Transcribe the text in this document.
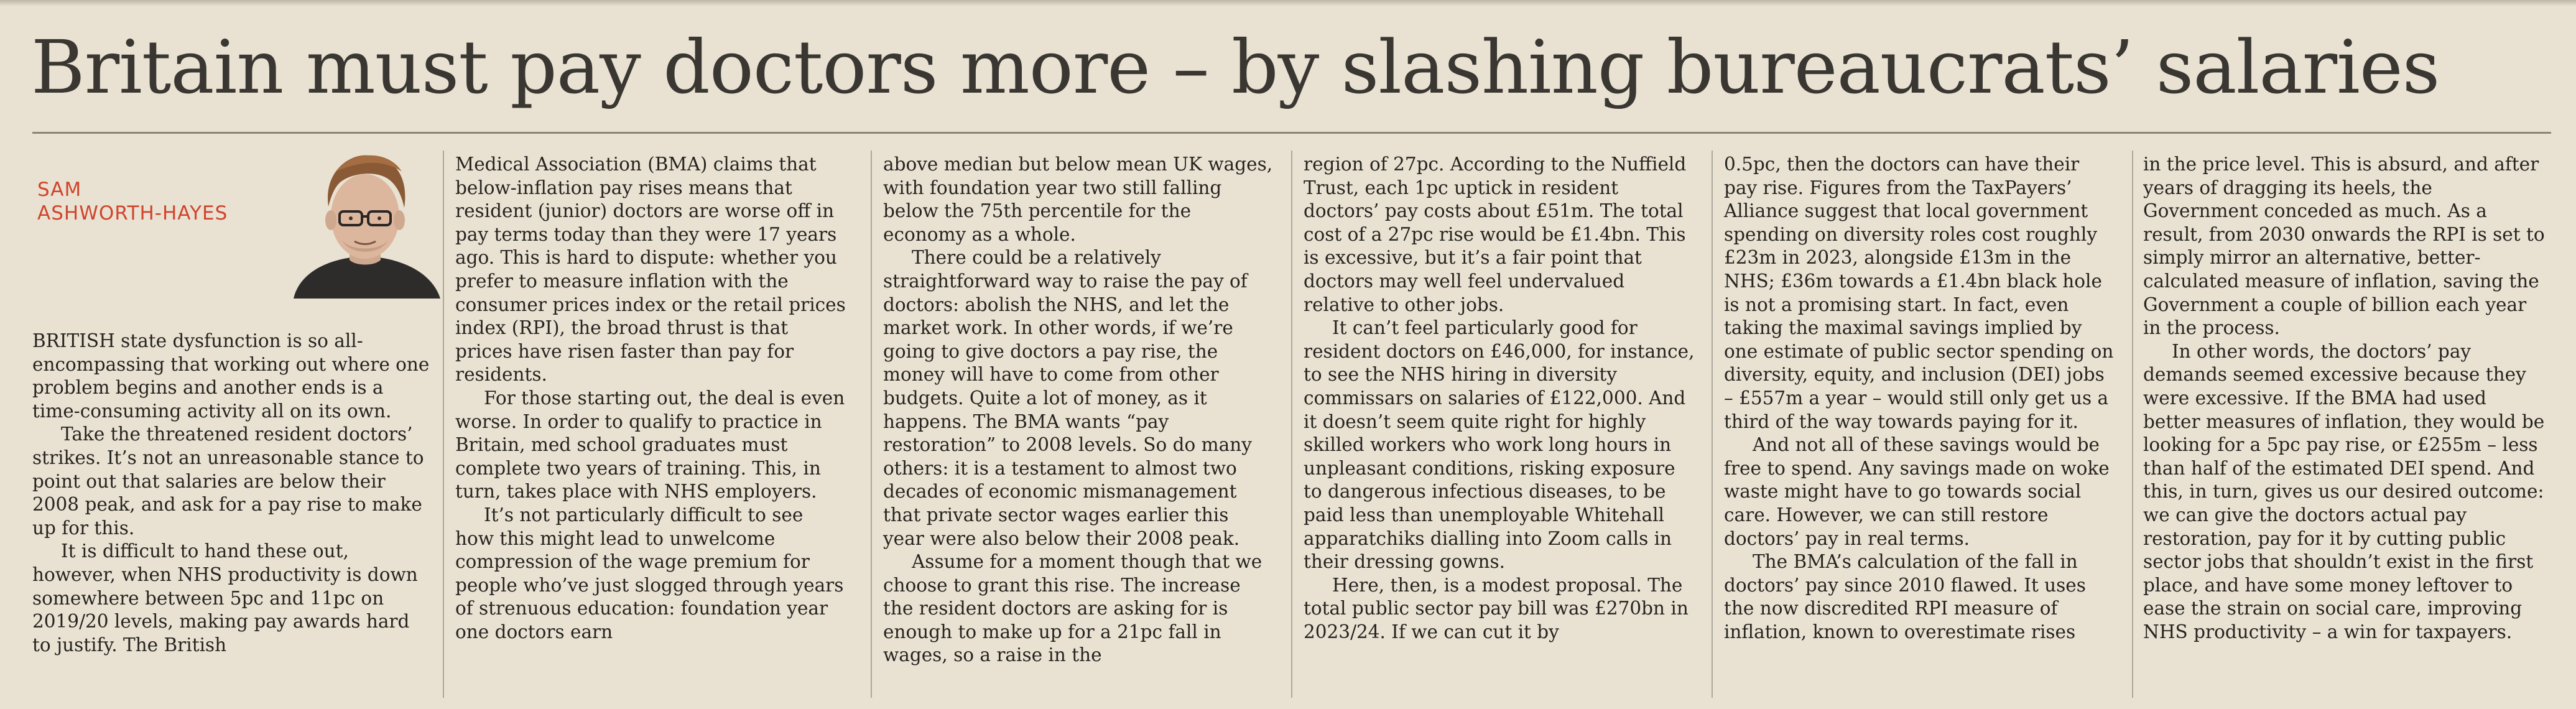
Britain must pay doctors more – by slashing bureaucrats’ salaries

SAM
ASHWORTH-HAYES

BRITISH state dysfunction is so all-encompassing that working out where one problem begins and another ends is a time-consuming activity all on its own.

Take the threatened resident doctors’ strikes. It’s not an unreasonable stance to point out that salaries are below their 2008 peak, and ask for a pay rise to make up for this.

It is difficult to hand these out, however, when NHS productivity is down somewhere between 5pc and 11pc on 2019/20 levels, making pay awards hard to justify. The British

Medical Association (BMA) claims that below-inflation pay rises means that resident (junior) doctors are worse off in pay terms today than they were 17 years ago. This is hard to dispute: whether you prefer to measure inflation with the consumer prices index or the retail prices index (RPI), the broad thrust is that prices have risen faster than pay for residents.

For those starting out, the deal is even worse. In order to qualify to practice in Britain, med school graduates must complete two years of training. This, in turn, takes place with NHS employers.

It’s not particularly difficult to see how this might lead to unwelcome compression of the wage premium for people who’ve just slogged through years of strenuous education: foundation year one doctors earn

above median but below mean UK wages, with foundation year two still falling below the 75th percentile for the economy as a whole.

There could be a relatively straightforward way to raise the pay of doctors: abolish the NHS, and let the market work. In other words, if we’re going to give doctors a pay rise, the money will have to come from other budgets. Quite a lot of money, as it happens. The BMA wants “pay restoration” to 2008 levels. So do many others: it is a testament to almost two decades of economic mismanagement that private sector wages earlier this year were also below their 2008 peak.

Assume for a moment though that we choose to grant this rise. The increase the resident doctors are asking for is enough to make up for a 21pc fall in wages, so a raise in the

region of 27pc. According to the Nuffield Trust, each 1pc uptick in resident doctors’ pay costs about £51m. The total cost of a 27pc rise would be £1.4bn. This is excessive, but it’s a fair point that doctors may well feel undervalued relative to other jobs.

It can’t feel particularly good for resident doctors on £46,000, for instance, to see the NHS hiring in diversity commissars on salaries of £122,000. And it doesn’t seem quite right for highly skilled workers who work long hours in unpleasant conditions, risking exposure to dangerous infectious diseases, to be paid less than unemployable Whitehall apparatchiks dialling into Zoom calls in their dressing gowns.

Here, then, is a modest proposal. The total public sector pay bill was £270bn in 2023/24. If we can cut it by

0.5pc, then the doctors can have their pay rise. Figures from the TaxPayers’ Alliance suggest that local government spending on diversity roles cost roughly £23m in 2023, alongside £13m in the NHS; £36m towards a £1.4bn black hole is not a promising start. In fact, even taking the maximal savings implied by one estimate of public sector spending on diversity, equity, and inclusion (DEI) jobs – £557m a year – would still only get us a third of the way towards paying for it.

And not all of these savings would be free to spend. Any savings made on woke waste might have to go towards social care. However, we can still restore doctors’ pay in real terms.

The BMA’s calculation of the fall in doctors’ pay since 2010 flawed. It uses the now discredited RPI measure of inflation, known to overestimate rises

in the price level. This is absurd, and after years of dragging its heels, the Government conceded as much. As a result, from 2030 onwards the RPI is set to simply mirror an alternative, better-calculated measure of inflation, saving the Government a couple of billion each year in the process.

In other words, the doctors’ pay demands seemed excessive because they were excessive. If the BMA had used better measures of inflation, they would be looking for a 5pc pay rise, or £255m – less than half of the estimated DEI spend. And this, in turn, gives us our desired outcome: we can give the doctors actual pay restoration, pay for it by cutting public sector jobs that shouldn’t exist in the first place, and have some money leftover to ease the strain on social care, improving NHS productivity – a win for taxpayers.
